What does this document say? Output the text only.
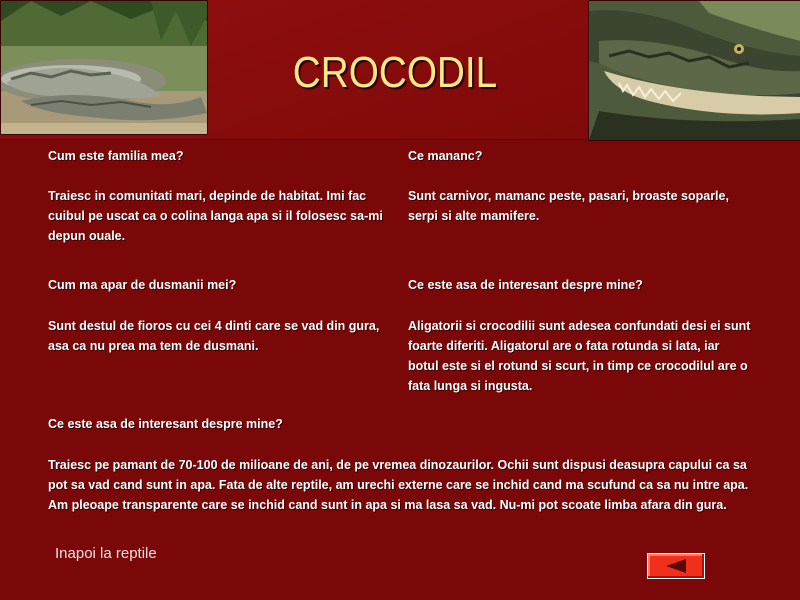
CROCODIL
Cum este familia mea?
Traiesc in comunitati mari, depinde de habitat. Imi fac cuibul pe uscat ca o colina langa apa si il folosesc sa-mi depun ouale.
Ce mananc?
Sunt carnivor, mamanc peste, pasari, broaste soparle, serpi si alte mamifere.
Cum ma apar de dusmanii mei?
Sunt destul de fioros cu cei 4 dinti care se vad din gura, asa ca nu prea ma tem de dusmani.
Ce este asa de interesant despre mine?
Aligatorii si crocodilii sunt adesea confundati desi ei sunt foarte diferiti. Aligatorul are o fata rotunda si lata, iar botul este si el rotund si scurt, in timp ce crocodilul are o fata lunga si ingusta.
Ce este asa de interesant despre mine?
Traiesc pe pamant de 70-100 de milioane de ani, de pe vremea dinozaurilor. Ochii sunt dispusi deasupra capului ca sa pot sa vad cand sunt in apa. Fata de alte reptile, am urechi externe care se inchid cand ma scufund ca sa nu intre apa. Am pleoape transparente care se inchid cand sunt in apa si ma lasa sa vad. Nu-mi pot scoate limba afara din gura.
Inapoi la reptile
